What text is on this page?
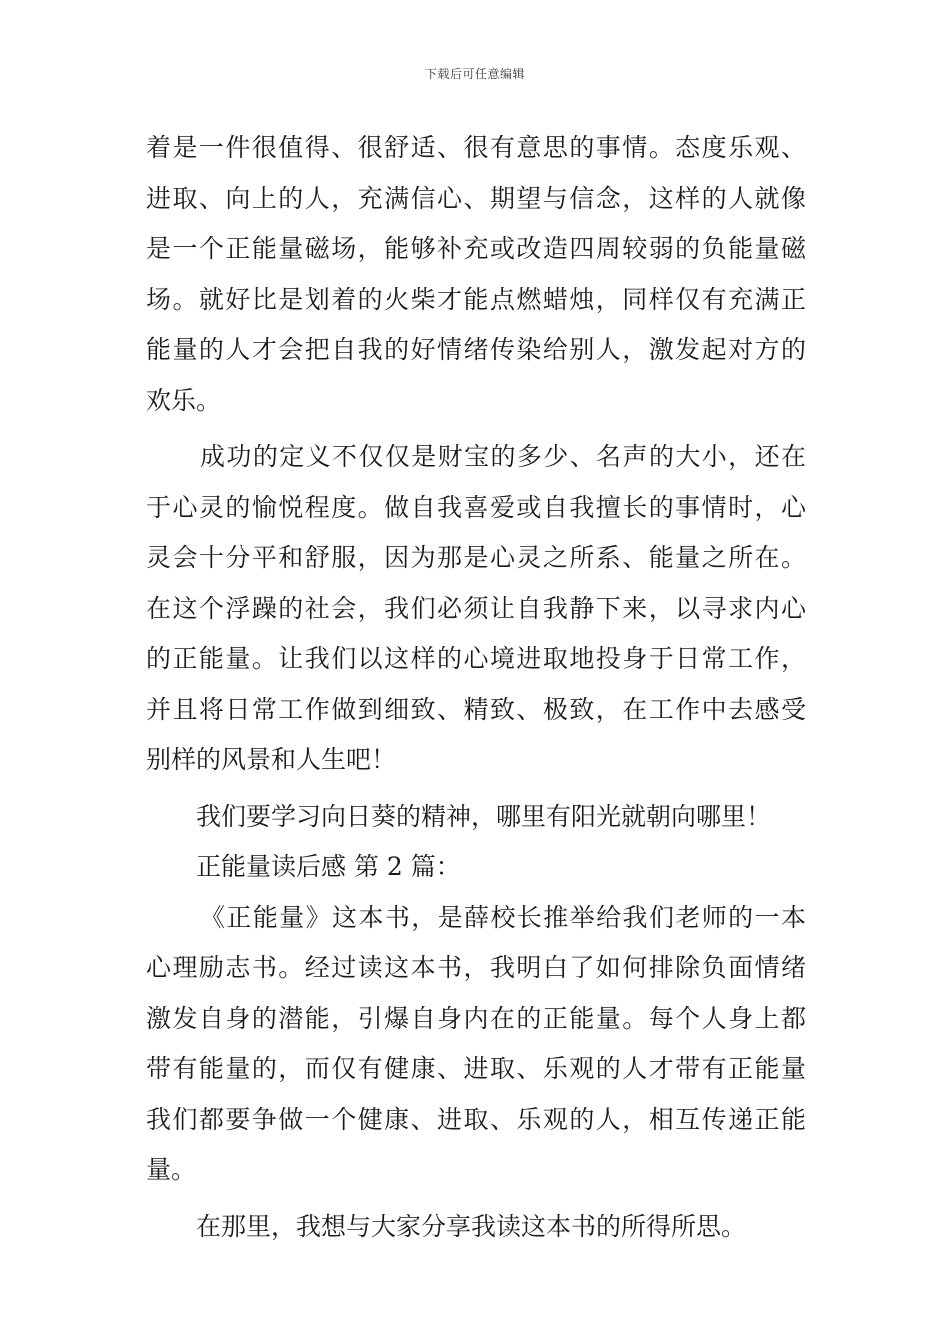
下载后可任意编辑
着是一件很值得、很舒适、很有意思的事情。态度乐观、
进取、向上的人，充满信心、期望与信念，这样的人就像
是一个正能量磁场，能够补充或改造四周较弱的负能量磁
场。就好比是划着的火柴才能点燃蜡烛，同样仅有充满正
能量的人才会把自我的好情绪传染给别人，激发起对方的
欢乐。
成功的定义不仅仅是财宝的多少、名声的大小，还在
于心灵的愉悦程度。做自我喜爱或自我擅长的事情时，心
灵会十分平和舒服，因为那是心灵之所系、能量之所在。
在这个浮躁的社会，我们必须让自我静下来，以寻求内心
的正能量。让我们以这样的心境进取地投身于日常工作，
并且将日常工作做到细致、精致、极致，在工作中去感受
别样的风景和人生吧！
我们要学习向日葵的精神，哪里有阳光就朝向哪里！
正能量读后感 第 2 篇：
《正能量》这本书，是薛校长推举给我们老师的一本
心理励志书。经过读这本书，我明白了如何排除负面情绪
激发自身的潜能，引爆自身内在的正能量。每个人身上都
带有能量的，而仅有健康、进取、乐观的人才带有正能量
我们都要争做一个健康、进取、乐观的人，相互传递正能
量。
在那里，我想与大家分享我读这本书的所得所思。
